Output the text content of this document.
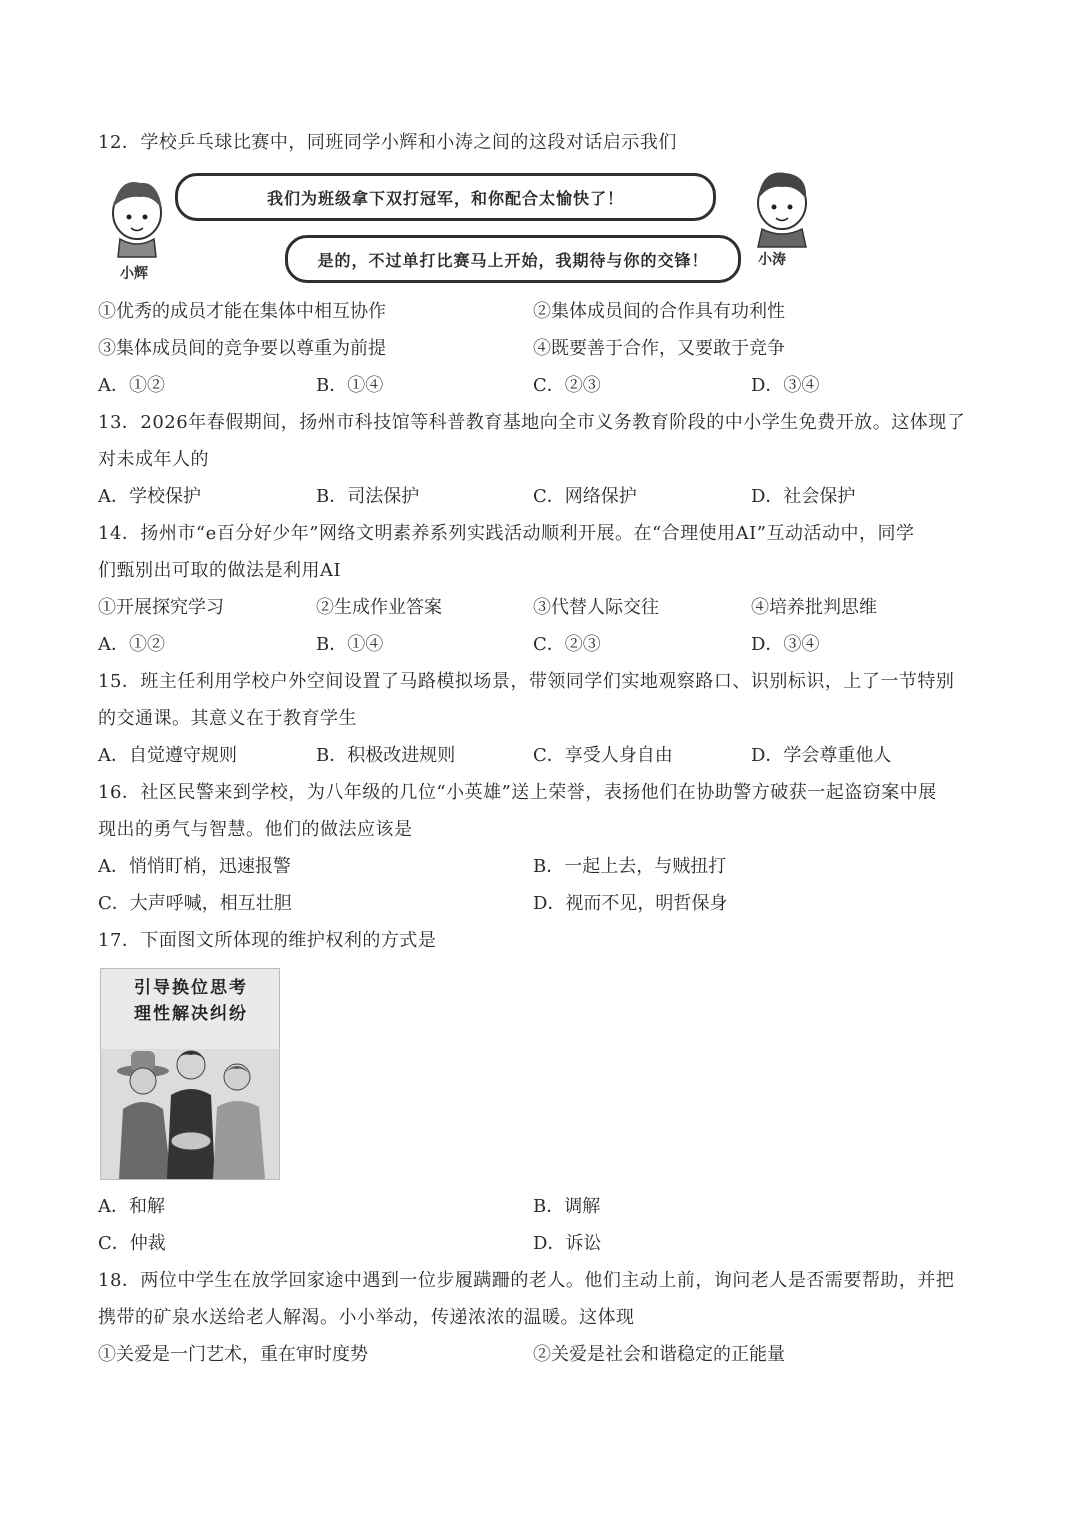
12．学校乒乓球比赛中，同班同学小辉和小涛之间的这段对话启示我们
我们为班级拿下双打冠军，和你配合太愉快了！
是的，不过单打比赛马上开始，我期待与你的交锋！
小辉
小涛
①优秀的成员才能在集体中相互协作	②集体成员间的合作具有功利性
③集体成员间的竞争要以尊重为前提	④既要善于合作，又要敢于竞争
A．①②	B．①④	C．②③	D．③④
13．2026年春假期间，扬州市科技馆等科普教育基地向全市义务教育阶段的中小学生免费开放。这体现了
对未成年人的
A．学校保护	B．司法保护	C．网络保护	D．社会保护
14．扬州市“e百分好少年”网络文明素养系列实践活动顺利开展。在“合理使用AI”互动活动中，同学
们甄别出可取的做法是利用AI
①开展探究学习	②生成作业答案	③代替人际交往	④培养批判思维
A．①②	B．①④	C．②③	D．③④
15．班主任利用学校户外空间设置了马路模拟场景，带领同学们实地观察路口、识别标识，上了一节特别
的交通课。其意义在于教育学生
A．自觉遵守规则	B．积极改进规则	C．享受人身自由	D．学会尊重他人
16．社区民警来到学校，为八年级的几位“小英雄”送上荣誉，表扬他们在协助警方破获一起盗窃案中展
现出的勇气与智慧。他们的做法应该是
A．悄悄盯梢，迅速报警	B．一起上去，与贼扭打
C．大声呼喊，相互壮胆	D．视而不见，明哲保身
17．下面图文所体现的维护权利的方式是
引导换位思考
理性解决纠纷
A．和解	B．调解
C．仲裁	D．诉讼
18．两位中学生在放学回家途中遇到一位步履蹒跚的老人。他们主动上前，询问老人是否需要帮助，并把
携带的矿泉水送给老人解渴。小小举动，传递浓浓的温暖。这体现
①关爱是一门艺术，重在审时度势	②关爱是社会和谐稳定的正能量
